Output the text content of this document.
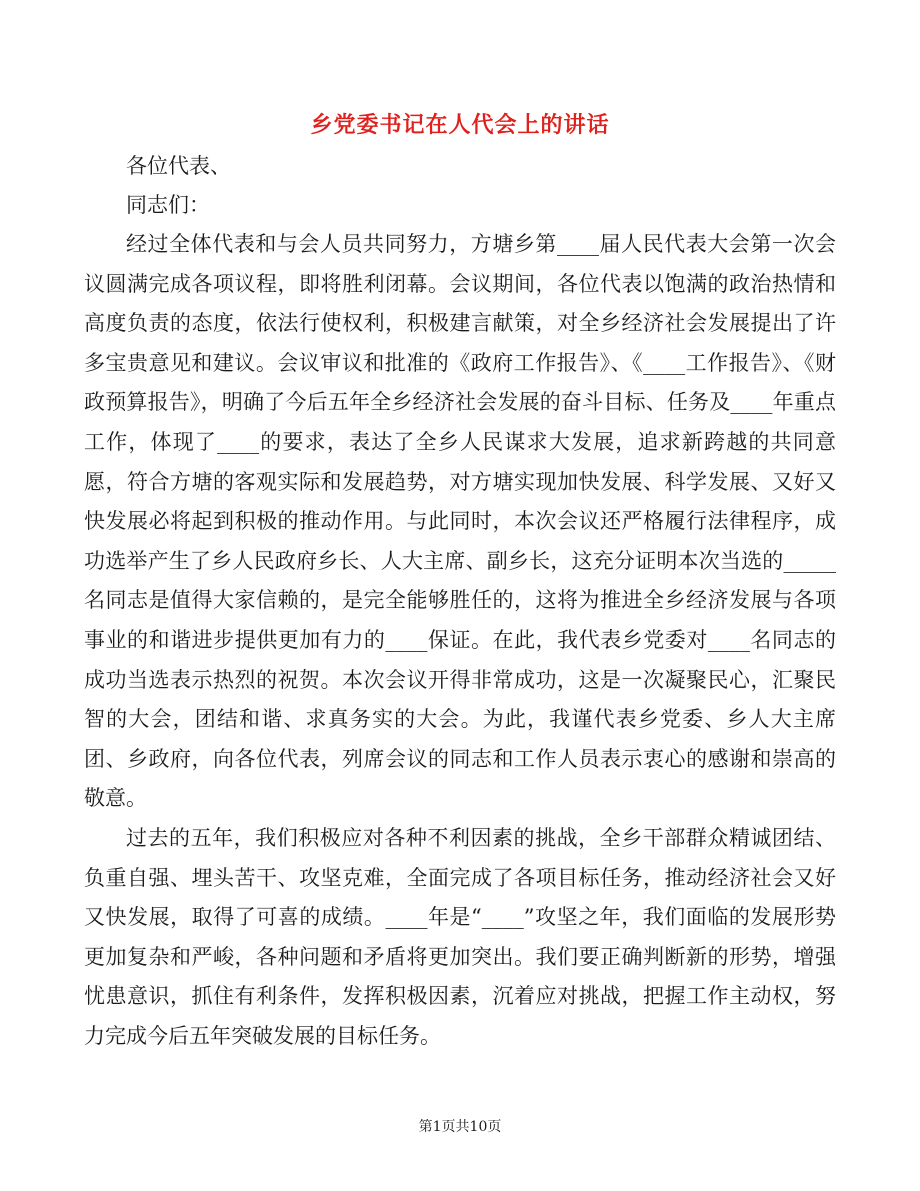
乡党委书记在人代会上的讲话

各位代表、

同志们：

经过全体代表和与会人员共同努力，方塘乡第____届人民代表大会第一次会议圆满完成各项议程，即将胜利闭幕。会议期间，各位代表以饱满的政治热情和高度负责的态度，依法行使权利，积极建言献策，对全乡经济社会发展提出了许多宝贵意见和建议。会议审议和批准的《政府工作报告》、《____工作报告》、《财政预算报告》，明确了今后五年全乡经济社会发展的奋斗目标、任务及____年重点工作，体现了____的要求，表达了全乡人民谋求大发展，追求新跨越的共同意愿，符合方塘的客观实际和发展趋势，对方塘实现加快发展、科学发展、又好又快发展必将起到积极的推动作用。与此同时，本次会议还严格履行法律程序，成功选举产生了乡人民政府乡长、人大主席、副乡长，这充分证明本次当选的_____名同志是值得大家信赖的，是完全能够胜任的，这将为推进全乡经济发展与各项事业的和谐进步提供更加有力的____保证。在此，我代表乡党委对____名同志的成功当选表示热烈的祝贺。本次会议开得非常成功，这是一次凝聚民心，汇聚民智的大会，团结和谐、求真务实的大会。为此，我谨代表乡党委、乡人大主席团、乡政府，向各位代表，列席会议的同志和工作人员表示衷心的感谢和崇高的敬意。

过去的五年，我们积极应对各种不利因素的挑战，全乡干部群众精诚团结、负重自强、埋头苦干、攻坚克难，全面完成了各项目标任务，推动经济社会又好又快发展，取得了可喜的成绩。____年是“____”攻坚之年，我们面临的发展形势更加复杂和严峻，各种问题和矛盾将更加突出。我们要正确判断新的形势，增强忧患意识，抓住有利条件，发挥积极因素，沉着应对挑战，把握工作主动权，努力完成今后五年突破发展的目标任务。

第1页共10页
